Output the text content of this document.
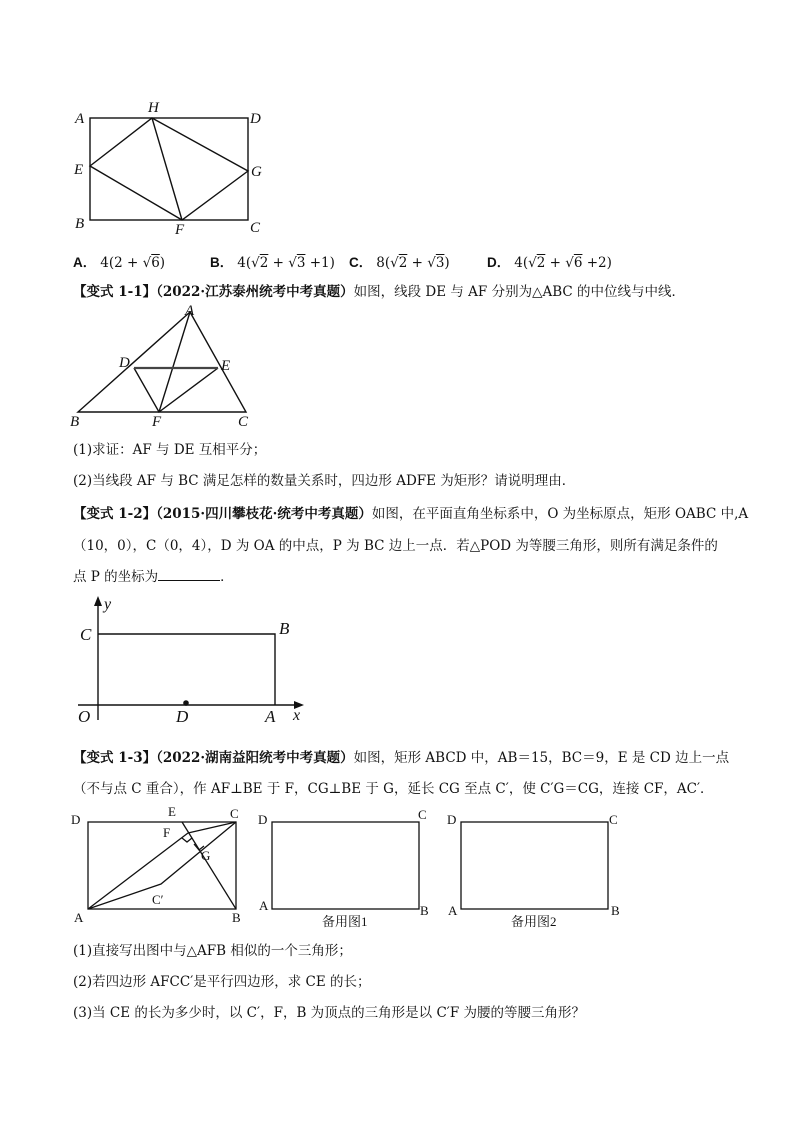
A
H
D
E	G
B	F	C
A． 4(2 + √6)	B． 4(√2 + √3 +1) C． 8(√2 + √3)	D． 4(√2 + √6 +2)
【变式 1-1】（2022·江苏泰州统考中考真题）如图，线段 DE 与 AF 分别为△ABC 的中位线与中线．
A
D	E
B	F	C
(1)求证：AF 与 DE 互相平分；
(2)当线段 AF 与 BC 满足怎样的数量关系时，四边形 ADFE 为矩形？请说明理由．
【变式 1-2】（2015·四川攀枝花·统考中考真题）如图，在平面直角坐标系中，O 为坐标原点，矩形 OABC 中,A
（10，0），C（0，4），D 为 OA 的中点，P 为 BC 边上一点．若△POD 为等腰三角形，则所有满足条件的
点 P 的坐标为	．
y
x
C	B
O	D	A
【变式 1-3】（2022·湖南益阳统考中考真题）如图，矩形 ABCD 中，AB＝15，BC＝9，E 是 CD 边上一点
（不与点 C 重合），作 AF⊥BE 于 F，CG⊥BE 于 G，延长 CG 至点 C′，使 C′G＝CG，连接 CF，AC′．
D
E	C
F
G
C′
A	B
D	C
A	B
备用图1
D	C
A	B
备用图2
(1)直接写出图中与△AFB 相似的一个三角形；
(2)若四边形 AFCC′是平行四边形，求 CE 的长；
(3)当 CE 的长为多少时，以 C′，F，B 为顶点的三角形是以 C′F 为腰的等腰三角形？
